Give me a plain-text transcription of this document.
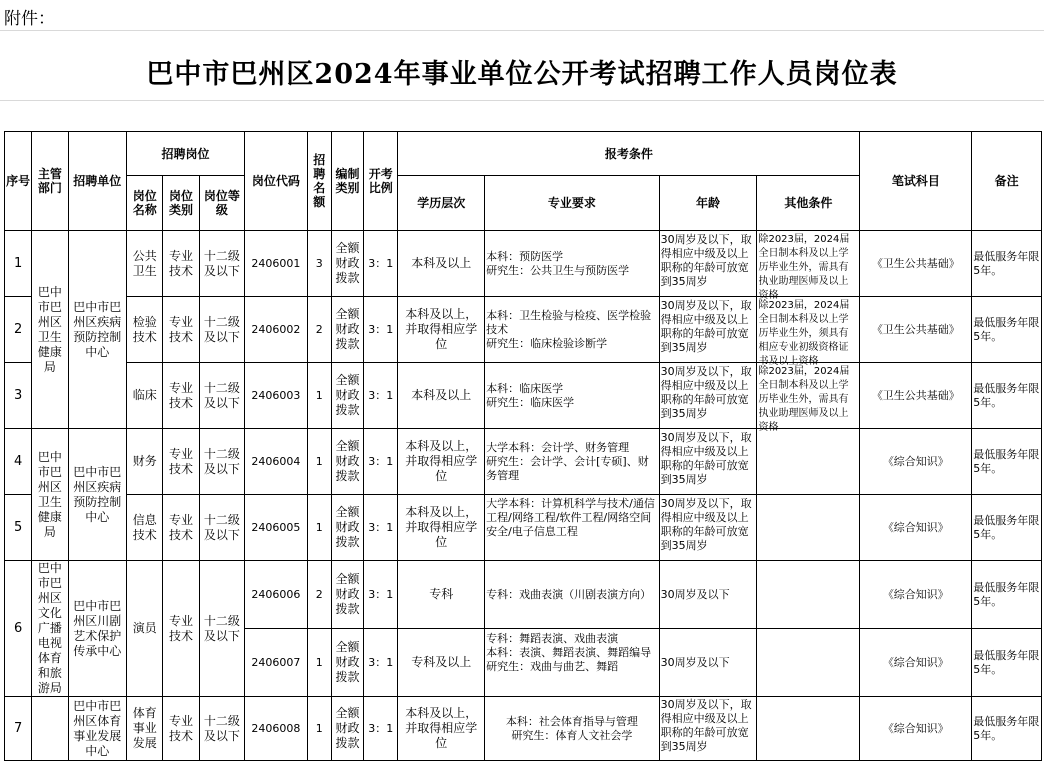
附件：
巴中市巴州区2024年事业单位公开考试招聘工作人员岗位表
序号	主管部门	招聘单位	招聘岗位			岗位代码	招聘名额	编制类别	开考比例	报考条件				笔试科目	备注
			岗位名称	岗位类别	岗位等级					学历层次	专业要求	年龄	其他条件		
1	巴中市巴州区卫生健康局	巴中市巴州区疾病预防控制中心	公共卫生	专业技术	十二级及以下	2406001	3	全额财政拨款	3：1	本科及以上	本科：预防医学
研究生：公共卫生与预防医学	30周岁及以下，取得相应中级及以上职称的年龄可放宽到35周岁	除2023届，2024届全日制本科及以上学历毕业生外，需具有执业助理医师及以上资格	《卫生公共基础》	最低服务年限5年。
2			检验技术	专业技术	十二级及以下	2406002	2	全额财政拨款	3：1	本科及以上，并取得相应学位	本科：卫生检验与检疫、医学检验技术
研究生：临床检验诊断学	30周岁及以下，取得相应中级及以上职称的年龄可放宽到35周岁	除2023届，2024届全日制本科及以上学历毕业生外，须具有相应专业初级资格证书及以上资格	《卫生公共基础》	最低服务年限5年。
3			临床	专业技术	十二级及以下	2406003	1	全额财政拨款	3：1	本科及以上	本科：临床医学
研究生：临床医学	30周岁及以下，取得相应中级及以上职称的年龄可放宽到35周岁	除2023届，2024届全日制本科及以上学历毕业生外，需具有执业助理医师及以上资格	《卫生公共基础》	最低服务年限5年。
4	巴中市巴州区卫生健康局	巴中市巴州区疾病预防控制中心	财务	专业技术	十二级及以下	2406004	1	全额财政拨款	3：1	本科及以上，并取得相应学位	大学本科：会计学、财务管理
研究生：会计学、会计[专硕]、财务管理	30周岁及以下，取得相应中级及以上职称的年龄可放宽到35周岁		《综合知识》	最低服务年限5年。
5			信息技术	专业技术	十二级及以下	2406005	1	全额财政拨款	3：1	本科及以上，并取得相应学位	大学本科：计算机科学与技术/通信工程/网络工程/软件工程/网络空间安全/电子信息工程	30周岁及以下，取得相应中级及以上职称的年龄可放宽到35周岁		《综合知识》	最低服务年限5年。
6	巴中市巴州区文化广播电视体育和旅游局	巴中市巴州区川剧艺术保护传承中心	演员	专业技术	十二级及以下	2406006	2	全额财政拨款	3：1	专科	专科：戏曲表演（川剧表演方向）	30周岁及以下		《综合知识》	最低服务年限5年。
						2406007	1	全额财政拨款	3：1	专科及以上	专科：舞蹈表演、戏曲表演
本科：表演、舞蹈表演、舞蹈编导
研究生：戏曲与曲艺、舞蹈	30周岁及以下		《综合知识》	最低服务年限5年。
7		巴中市巴州区体育事业发展中心	体育事业发展	专业技术	十二级及以下	2406008	1	全额财政拨款	3：1	本科及以上，并取得相应学位	本科：社会体育指导与管理
研究生：体育人文社会学	30周岁及以下，取得相应中级及以上职称的年龄可放宽到35周岁		《综合知识》	最低服务年限5年。
